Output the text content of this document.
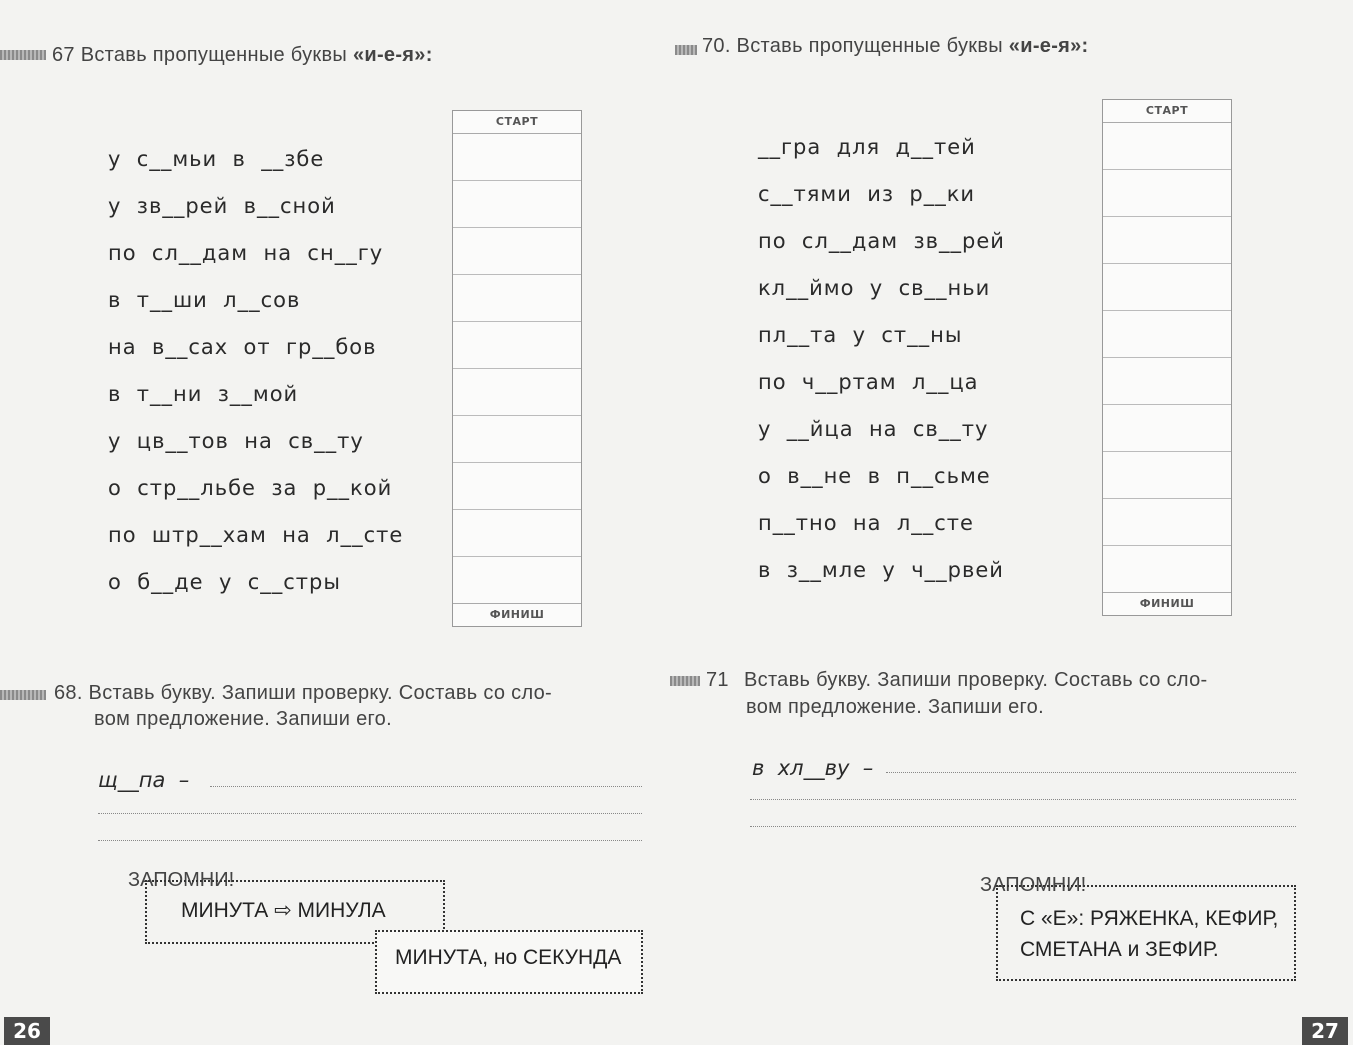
67 Вставь пропущенные буквы «и-е-я»:
у  с__мьи  в  __збе
у  зв__рей  в__сной
по  сл__дам  на  сн__гу
в  т__ши  л__сов
на  в__сах  от  гр__бов
в  т__ни  з__мой
у  цв__тов  на  св__ту
о  стр__льбе  за  р__кой
по  штр__хам  на  л__сте
о  б__де  у  с__стры
СТАРТ
ФИНИШ
68. Вставь букву. Запиши проверку. Составь со сло-
вом предложение. Запиши его.
щ__па  –
ЗАПОМНИ!
МИНУТА ⇨ МИНУЛА
МИНУТА, но СЕКУНДА
26
70. Вставь пропущенные буквы «и-е-я»:
__гра  для  д__тей
с__тями  из  р__ки
по  сл__дам  зв__рей
кл__ймо  у  св__ньи
пл__та  у  ст__ны
по  ч__ртам  л__ца
у  __йца  на  св__ту
о  в__не  в  п__сьме
п__тно  на  л__сте
в  з__мле  у  ч__рвей
СТАРТ
ФИНИШ
71 Вставь букву. Запиши проверку. Составь со сло-
вом предложение. Запиши его.
в  хл__ву  –
ЗАПОМНИ!
С «Е»: РЯЖЕНКА, КЕФИР,
СМЕТАНА и ЗЕФИР.
27
